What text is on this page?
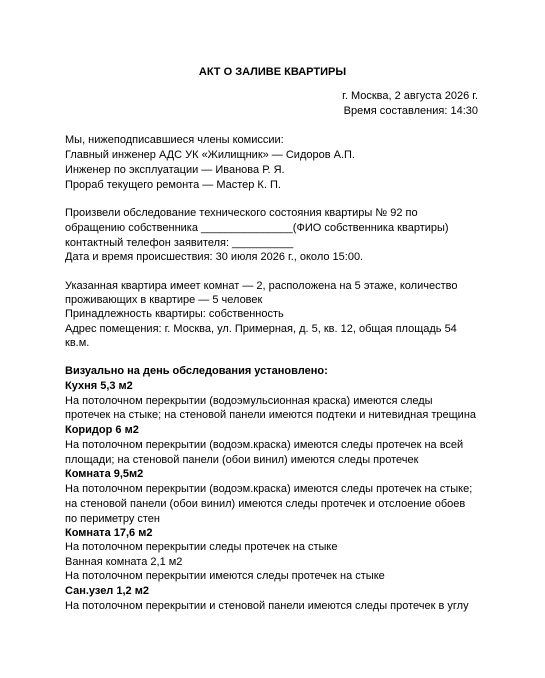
АКТ О ЗАЛИВЕ КВАРТИРЫ
г. Москва, 2 августа 2026 г.
Время составления: 14:30
Мы, нижеподписавшиеся члены комиссии:
Главный инженер АДС УК «Жилищник» — Сидоров А.П.
Инженер по эксплуатации — Иванова Р. Я.
Прораб текущего ремонта — Мастер К. П.
Произвели обследование технического состояния квартиры № 92 по
обращению собственника _______________(ФИО собственника квартиры)
контактный телефон заявителя: __________
Дата и время происшествия: 30 июля 2026 г., около 15:00.
Указанная квартира имеет комнат — 2, расположена на 5 этаже, количество
проживающих в квартире — 5 человек
Принадлежность квартиры: собственность
Адрес помещения: г. Москва, ул. Примерная, д. 5, кв. 12, общая площадь 54
кв.м.
Визуально на день обследования установлено:
Кухня 5,3 м2
На потолочном перекрытии (водоэмульсионная краска) имеются следы
протечек на стыке; на стеновой панели имеются подтеки и нитевидная трещина
Коридор 6 м2
На потолочном перекрытии (водоэм.краска) имеются следы протечек на всей
площади; на стеновой панели (обои винил) имеются следы протечек
Комната 9,5м2
На потолочном перекрытии (водоэм.краска) имеются следы протечек на стыке;
на стеновой панели (обои винил) имеются следы протечек и отслоение обоев
по периметру стен
Комната 17,6 м2
На потолочном перекрытии следы протечек на стыке
Ванная комната 2,1 м2
На потолочном перекрытии имеются следы протечек на стыке
Сан.узел 1,2 м2
На потолочном перекрытии и стеновой панели имеются следы протечек в углу
